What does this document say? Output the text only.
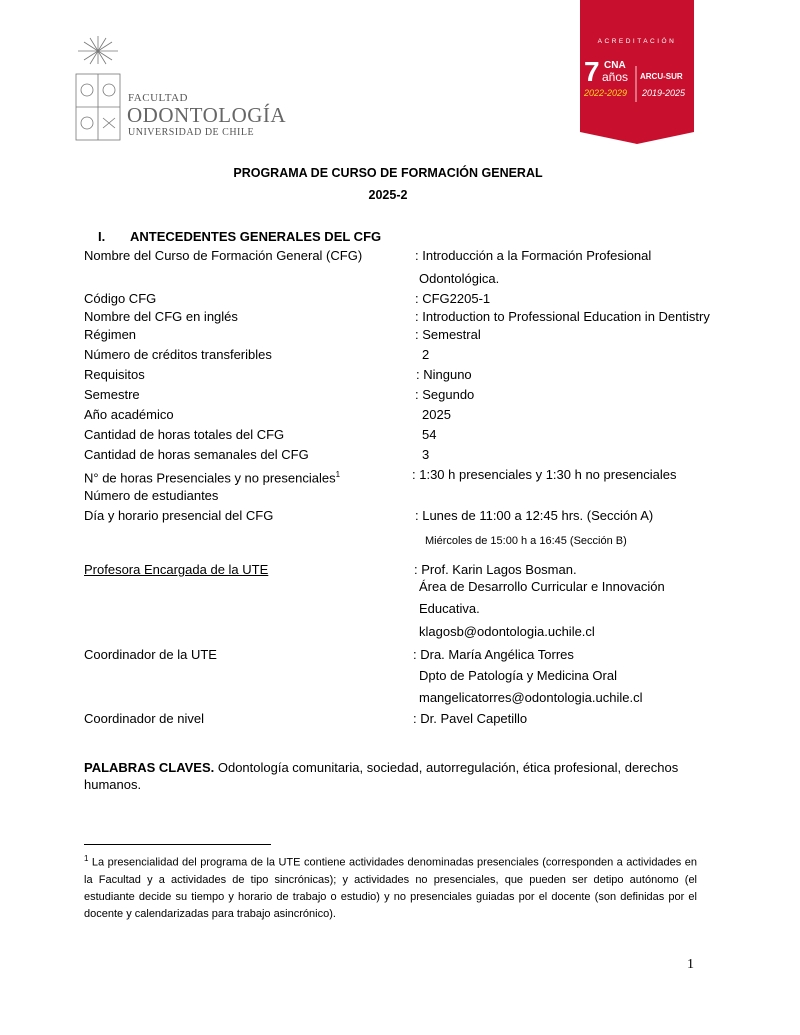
FACULTAD
ODONTOLOGÍA
UNIVERSIDAD DE CHILE
ACREDITACIÓN
7 CNA
años ARCU-SUR
2022-2029 2019-2025
PROGRAMA DE CURSO DE FORMACIÓN GENERAL
2025-2
I. ANTECEDENTES GENERALES DEL CFG
Nombre del Curso de Formación General (CFG)	: Introducción a la Formación Profesional
Odontológica.
Código CFG	: CFG2205-1
Nombre del CFG en inglés	: Introduction to Professional Education in Dentistry
Régimen	: Semestral
Número de créditos transferibles	2
Requisitos	: Ninguno
Semestre	: Segundo
Año académico	2025
Cantidad de horas totales del CFG	54
Cantidad de horas semanales del CFG	3
N° de horas Presenciales y no presenciales$^1$	: 1:30 h presenciales y 1:30 h no presenciales
Número de estudiantes
Día y horario presencial del CFG	: Lunes de 11:00 a 12:45 hrs. (Sección A)
Miércoles de 15:00 h a 16:45 (Sección B)
Profesora Encargada de la UTE	: Prof. Karin Lagos Bosman.
Área de Desarrollo Curricular e Innovación
Educativa.
klagosb@odontologia.uchile.cl
Coordinador de la UTE	: Dra. María Angélica Torres
Dpto de Patología y Medicina Oral
mangelicatorres@odontologia.uchile.cl
Coordinador de nivel	: Dr. Pavel Capetillo
PALABRAS CLAVES. Odontología comunitaria, sociedad, autorregulación, ética profesional, derechos humanos.
$^1$ La presencialidad del programa de la UTE contiene actividades denominadas presenciales (corresponden a actividades en la Facultad y a actividades de tipo sincrónicas); y actividades no presenciales, que pueden ser detipo autónomo (el estudiante decide su tiempo y horario de trabajo o estudio) y no presenciales guiadas por el docente (son definidas por el docente y calendarizadas para trabajo asincrónico).
1
